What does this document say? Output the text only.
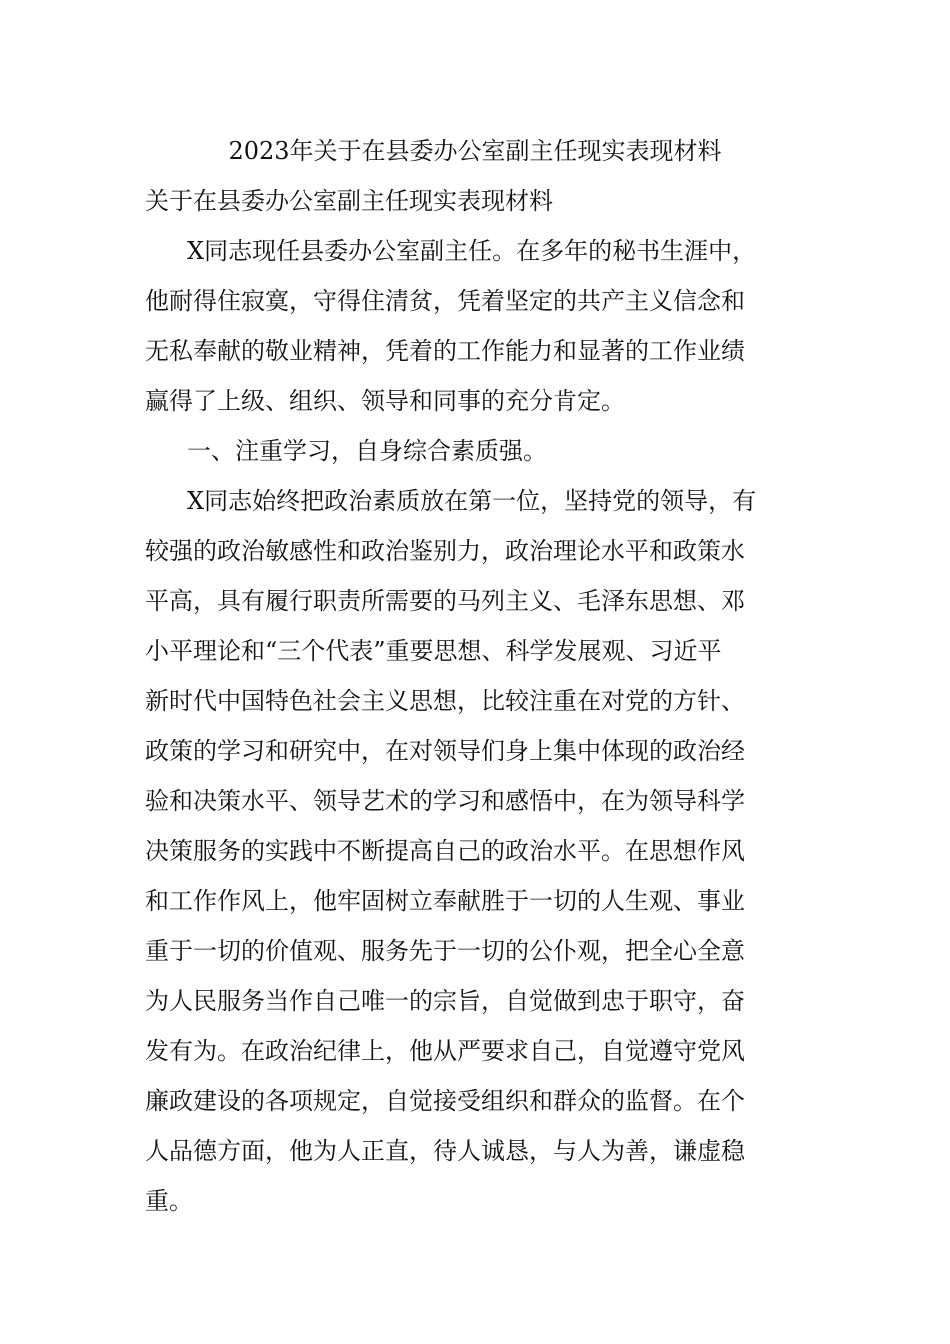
2023年关于在县委办公室副主任现实表现材料
关于在县委办公室副主任现实表现材料
X同志现任县委办公室副主任。在多年的秘书生涯中，
他耐得住寂寞，守得住清贫，凭着坚定的共产主义信念和
无私奉献的敬业精神，凭着的工作能力和显著的工作业绩
赢得了上级、组织、领导和同事的充分肯定。
一、注重学习，自身综合素质强。
X同志始终把政治素质放在第一位，坚持党的领导，有
较强的政治敏感性和政治鉴别力，政治理论水平和政策水
平高，具有履行职责所需要的马列主义、毛泽东思想、邓
小平理论和“三个代表”重要思想、科学发展观、习近平
新时代中国特色社会主义思想，比较注重在对党的方针、
政策的学习和研究中，在对领导们身上集中体现的政治经
验和决策水平、领导艺术的学习和感悟中，在为领导科学
决策服务的实践中不断提高自己的政治水平。在思想作风
和工作作风上，他牢固树立奉献胜于一切的人生观、事业
重于一切的价值观、服务先于一切的公仆观，把全心全意
为人民服务当作自己唯一的宗旨，自觉做到忠于职守，奋
发有为。在政治纪律上，他从严要求自己，自觉遵守党风
廉政建设的各项规定，自觉接受组织和群众的监督。在个
人品德方面，他为人正直，待人诚恳，与人为善，谦虚稳
重。
